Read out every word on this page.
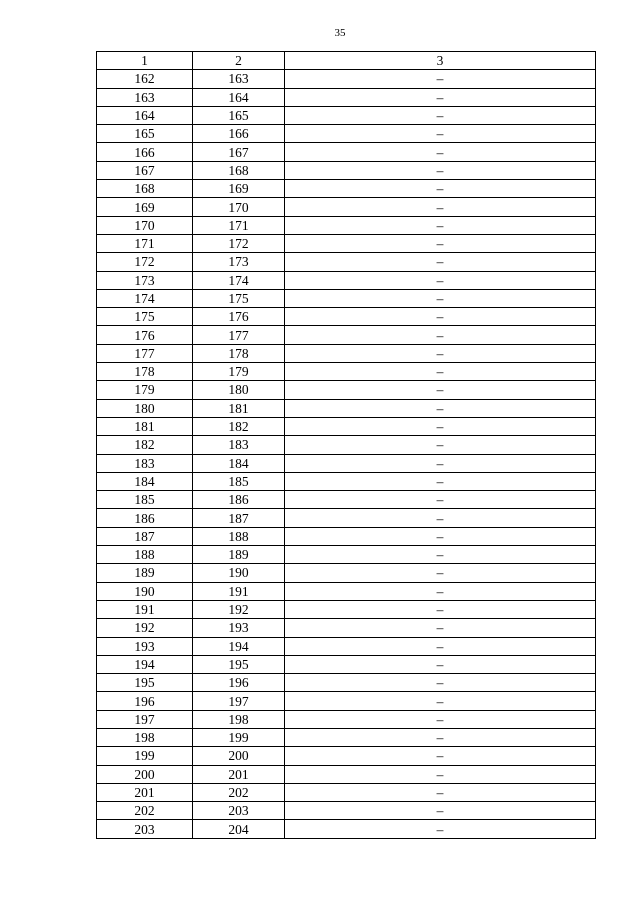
35
1	2	3
162	163	–
163	164	–
164	165	–
165	166	–
166	167	–
167	168	–
168	169	–
169	170	–
170	171	–
171	172	–
172	173	–
173	174	–
174	175	–
175	176	–
176	177	–
177	178	–
178	179	–
179	180	–
180	181	–
181	182	–
182	183	–
183	184	–
184	185	–
185	186	–
186	187	–
187	188	–
188	189	–
189	190	–
190	191	–
191	192	–
192	193	–
193	194	–
194	195	–
195	196	–
196	197	–
197	198	–
198	199	–
199	200	–
200	201	–
201	202	–
202	203	–
203	204	–
